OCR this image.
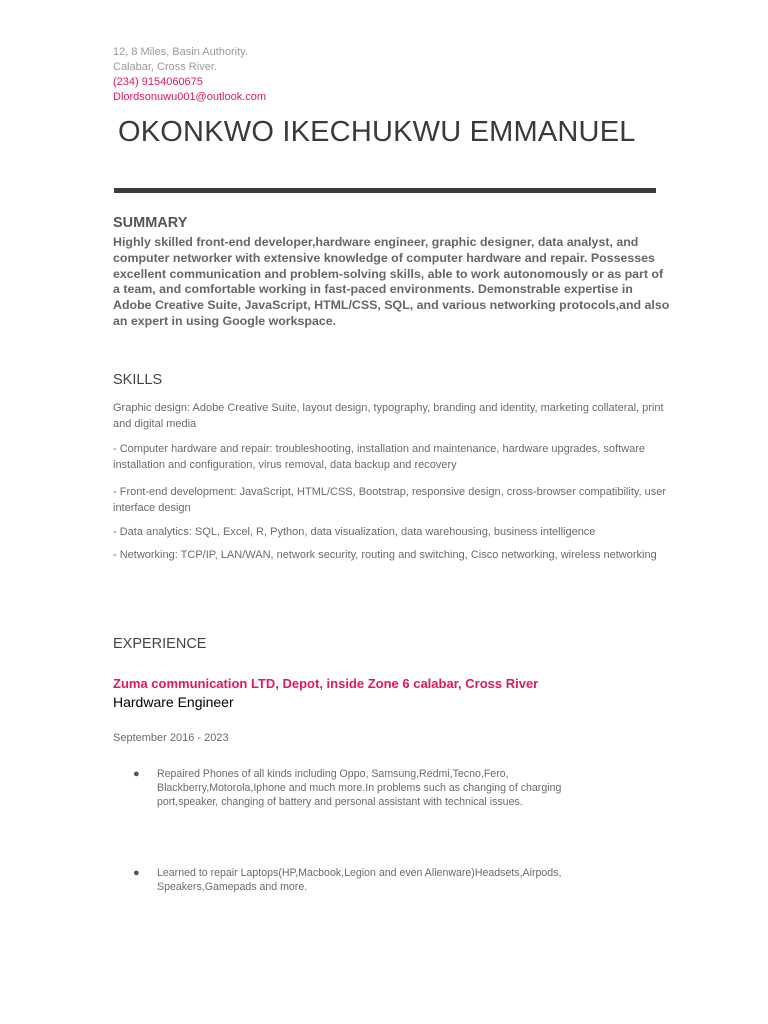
12, 8 Miles, Basin Authority.
Calabar, Cross River.
(234) 9154060675
Dlordsonuwu001@outlook.com
OKONKWO IKECHUKWU EMMANUEL
SUMMARY
Highly skilled front-end developer,hardware engineer, graphic designer, data analyst, and computer networker with extensive knowledge of computer hardware and repair. Possesses excellent communication and problem-solving skills, able to work autonomously or as part of a team, and comfortable working in fast-paced environments. Demonstrable expertise in Adobe Creative Suite, JavaScript, HTML/CSS, SQL, and various networking protocols,and also an expert in using Google workspace.
SKILLS
Graphic design: Adobe Creative Suite, layout design, typography, branding and identity, marketing collateral, print and digital media
- Computer hardware and repair: troubleshooting, installation and maintenance, hardware upgrades, software installation and configuration, virus removal, data backup and recovery
- Front-end development: JavaScript, HTML/CSS, Bootstrap, responsive design, cross-browser compatibility, user interface design
- Data analytics: SQL, Excel, R, Python, data visualization, data warehousing, business intelligence
- Networking: TCP/IP, LAN/WAN, network security, routing and switching, Cisco networking, wireless networking
EXPERIENCE
Zuma communication LTD, Depot, inside Zone 6 calabar, Cross River
Hardware Engineer
September 2016 - 2023
● Repaired Phones of all kinds including Oppo, Samsung,Redmi,Tecno,Fero, Blackberry,Motorola,Iphone and much more.In problems such as changing of charging port,speaker, changing of battery and personal assistant with technical issues.
● Learned to repair Laptops(HP,Macbook,Legion and even Alienware)Headsets,Airpods, Speakers,Gamepads and more.
